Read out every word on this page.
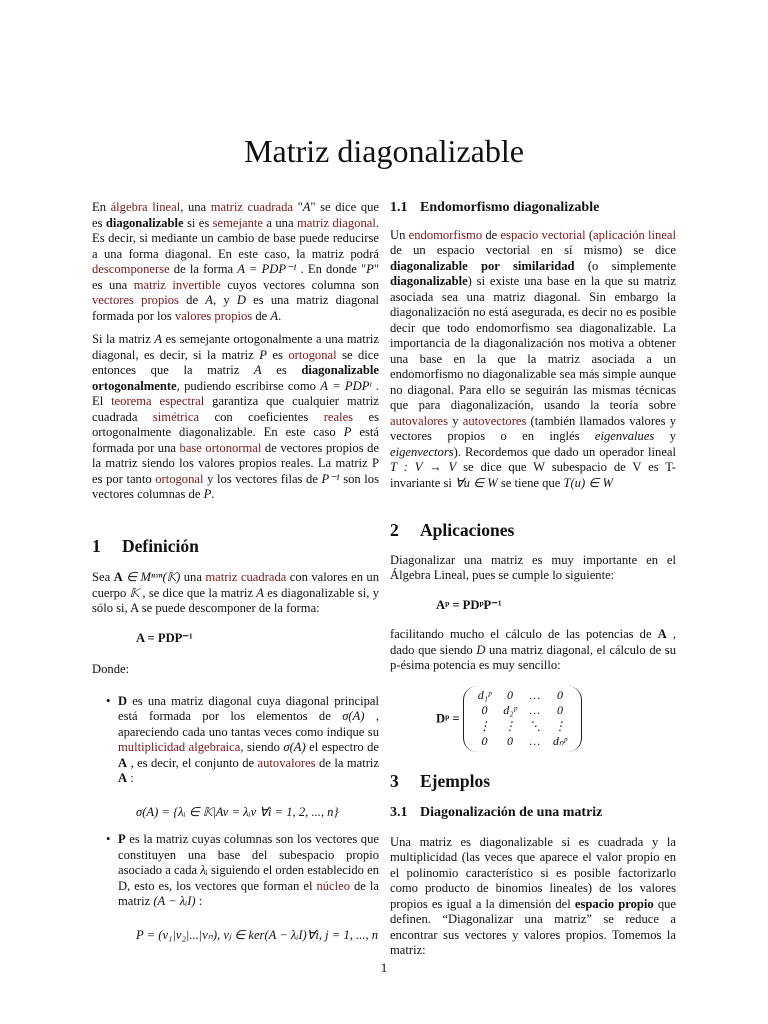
Matriz diagonalizable

En álgebra lineal, una matriz cuadrada "A" se dice que es diagonalizable si es semejante a una matriz diagonal. Es decir, si mediante un cambio de base puede reducirse a una forma diagonal. En este caso, la matriz podrá descomponerse de la forma A = PDP⁻¹ . En donde "P" es una matriz invertible cuyos vectores columna son vectores propios de A, y D es una matriz diagonal formada por los valores propios de A.

Si la matriz A es semejante ortogonalmente a una matriz diagonal, es decir, si la matriz P es ortogonal se dice entonces que la matriz A es diagonalizable ortogonalmente, pudiendo escribirse como A = PDPᵗ . El teorema espectral garantiza que cualquier matriz cuadrada simétrica con coeficientes reales es ortogonalmente diagonalizable. En este caso P está formada por una base ortonormal de vectores propios de la matriz siendo los valores propios reales. La matriz P es por tanto ortogonal y los vectores filas de P⁻¹ son los vectores columnas de P.

1 Definición

Sea A ∈ Mⁿˣⁿ(𝕂) una matriz cuadrada con valores en un cuerpo 𝕂 , se dice que la matriz A es diagonalizable si, y sólo si, A se puede descomponer de la forma:

A = PDP⁻¹

Donde:

• D es una matriz diagonal cuya diagonal principal está formada por los elementos de σ(A) , apareciendo cada uno tantas veces como indique su multiplicidad algebraica, siendo σ(A) el espectro de A , es decir, el conjunto de autovalores de la matriz A :

σ(A) = {λᵢ ∈ 𝕂|Av = λᵢv ∀i = 1, 2, ..., n}

• P es la matriz cuyas columnas son los vectores que constituyen una base del subespacio propio asociado a cada λᵢ siguiendo el orden establecido en D, esto es, los vectores que forman el núcleo de la matriz (A − λᵢI) :

P = (v₁|v₂|...|vₙ), vⱼ ∈ ker(A − λᵢI)∀i, j = 1, ..., n

1.1 Endomorfismo diagonalizable

Un endomorfismo de espacio vectorial (aplicación lineal de un espacio vectorial en sí mismo) se dice diagonalizable por similaridad (o simplemente diagonalizable) si existe una base en la que su matriz asociada sea una matriz diagonal. Sin embargo la diagonalización no está asegurada, es decir no es posible decir que todo endomorfismo sea diagonalizable. La importancia de la diagonalización nos motiva a obtener una base en la que la matriz asociada a un endomorfismo no diagonalizable sea más simple aunque no diagonal. Para ello se seguirán las mismas técnicas que para diagonalización, usando la teoría sobre autovalores y autovectores (también llamados valores y vectores propios o en inglés eigenvalues y eigenvectors). Recordemos que dado un operador lineal T : V → V se dice que W subespacio de V es T-invariante si ∀u ∈ W se tiene que T(u) ∈ W

2 Aplicaciones

Diagonalizar una matriz es muy importante en el Álgebra Lineal, pues se cumple lo siguiente:

Aᵖ = PDᵖP⁻¹

facilitando mucho el cálculo de las potencias de A , dado que siendo D una matriz diagonal, el cálculo de su p-ésima potencia es muy sencillo:

Dᵖ =
d₁ᵖ	0	…	0
0	d₂ᵖ	…	0
⋮	⋮	⋱	⋮
0	0	…	dₙᵖ
3 Ejemplos
3.1 Diagonalización de una matriz

Una matriz es diagonalizable si es cuadrada y la multiplicidad (las veces que aparece el valor propio en el polinomio característico si es posible factorizarlo como producto de binomios lineales) de los valores propios es igual a la dimensión del espacio propio que definen. “Diagonalizar una matriz” se reduce a encontrar sus vectores y valores propios. Tomemos la matriz:

1
